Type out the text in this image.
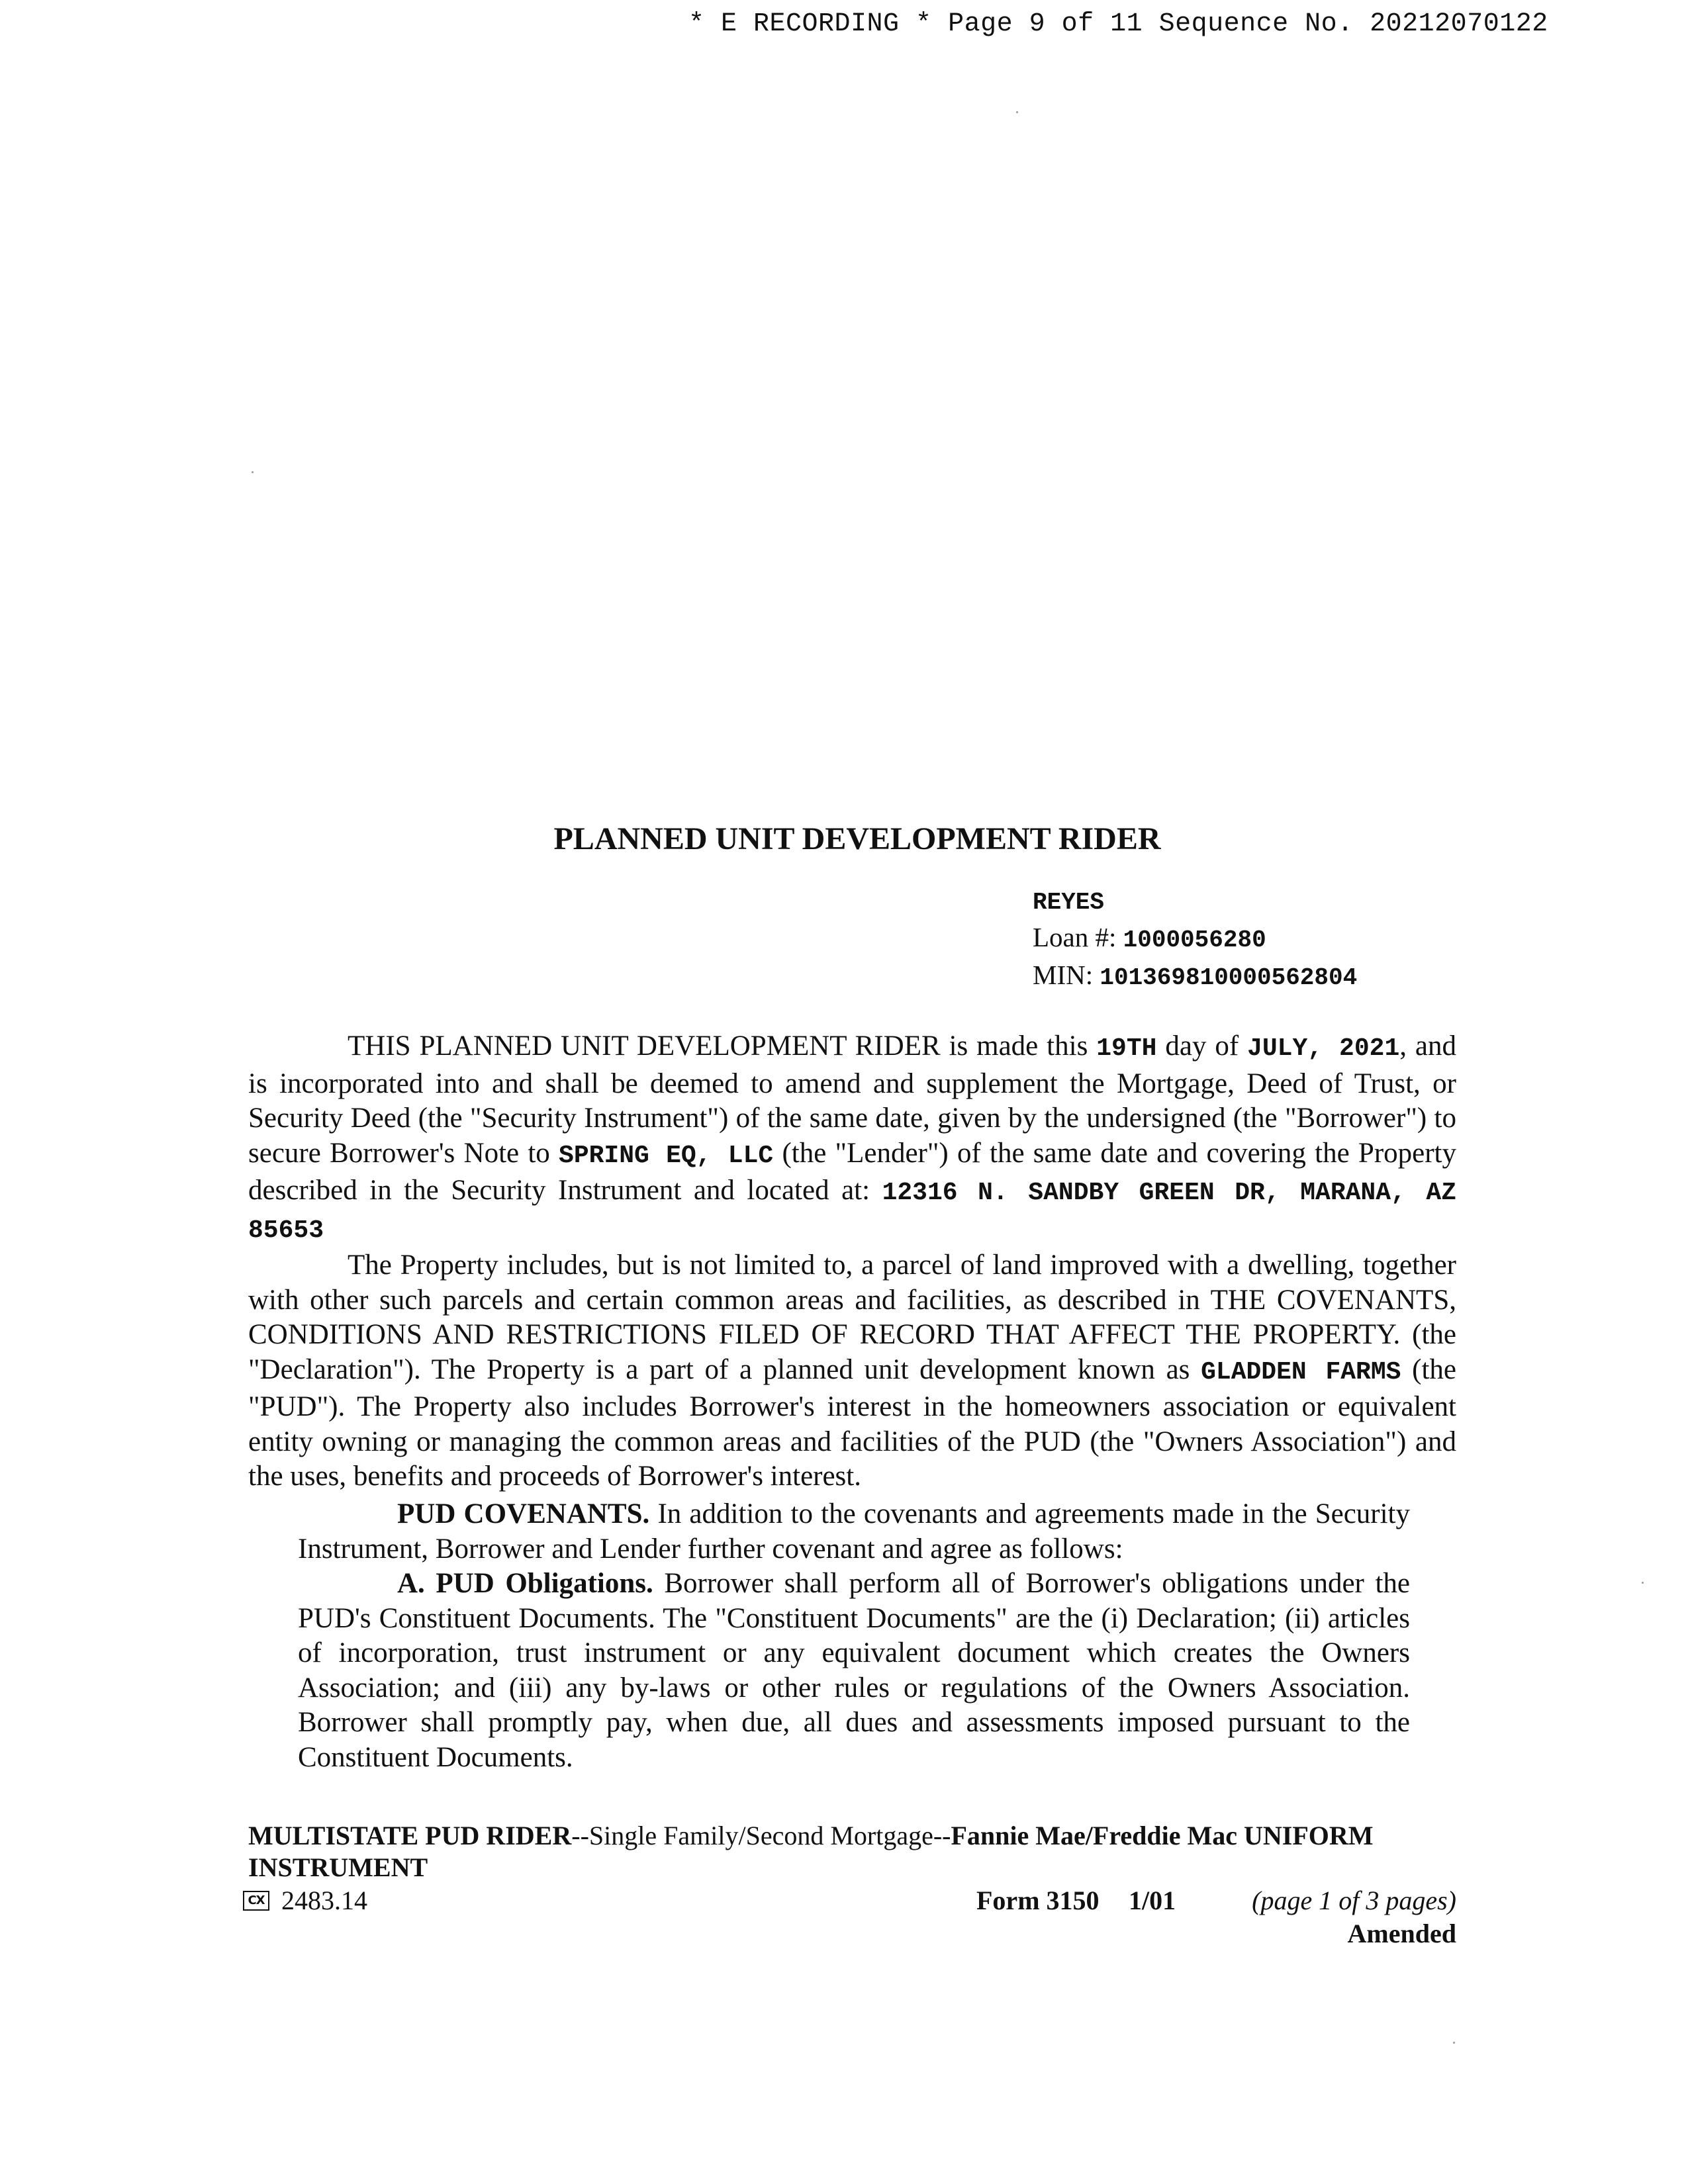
* E RECORDING * Page 9 of 11 Sequence No. 20212070122
PLANNED UNIT DEVELOPMENT RIDER
REYES
Loan #: 1000056280
MIN: 101369810000562804

THIS PLANNED UNIT DEVELOPMENT RIDER is made this 19TH day of JULY, 2021, and is incorporated into and shall be deemed to amend and supplement the Mortgage, Deed of Trust, or Security Deed (the "Security Instrument") of the same date, given by the undersigned (the "Borrower") to secure Borrower's Note to SPRING EQ, LLC (the "Lender") of the same date and covering the Property described in the Security Instrument and located at: 12316 N. SANDBY GREEN DR, MARANA, AZ 85653

The Property includes, but is not limited to, a parcel of land improved with a dwelling, together with other such parcels and certain common areas and facilities, as described in THE COVENANTS, CONDITIONS AND RESTRICTIONS FILED OF RECORD THAT AFFECT THE PROPERTY. (the "Declaration"). The Property is a part of a planned unit development known as GLADDEN FARMS (the "PUD"). The Property also includes Borrower's interest in the homeowners association or equivalent entity owning or managing the common areas and facilities of the PUD (the "Owners Association") and the uses, benefits and proceeds of Borrower's interest.

PUD COVENANTS. In addition to the covenants and agreements made in the Security Instrument, Borrower and Lender further covenant and agree as follows:

A. PUD Obligations. Borrower shall perform all of Borrower's obligations under the PUD's Constituent Documents. The "Constituent Documents" are the (i) Declaration; (ii) articles of incorporation, trust instrument or any equivalent document which creates the Owners Association; and (iii) any by-laws or other rules or regulations of the Owners Association. Borrower shall promptly pay, when due, all dues and assessments imposed pursuant to the Constituent Documents.

MULTISTATE PUD RIDER--Single Family/Second Mortgage--Fannie Mae/Freddie Mac UNIFORM INSTRUMENT
CX 2483.14	Form 3150 1/01	(page 1 of 3 pages)
Amended
